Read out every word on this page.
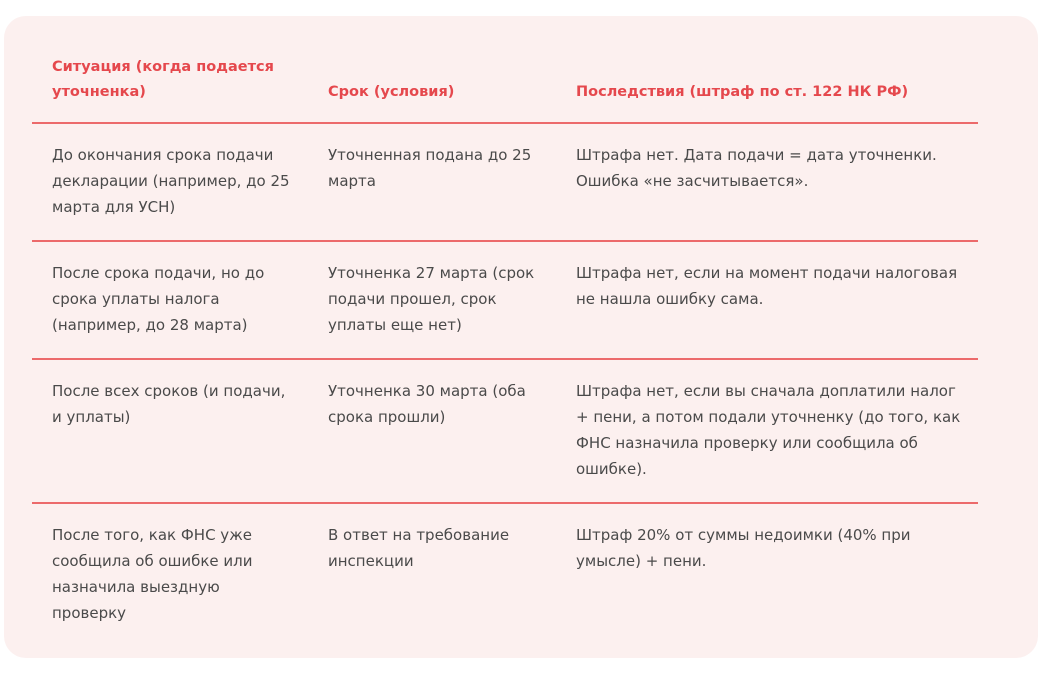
Ситуация (когда подается уточненка)	Срок (условия)	Последствия (штраф по ст. 122 НК РФ)
До окончания срока подачи декларации (например, до 25 марта для УСН)	Уточненная подана до 25 марта	Штрафа нет. Дата подачи = дата уточненки. Ошибка «не засчитывается».
После срока подачи, но до срока уплаты налога (например, до 28 марта)	Уточненка 27 марта (срок подачи прошел, срок уплаты еще нет)	Штрафа нет, если на момент подачи налоговая не нашла ошибку сама.
После всех сроков (и подачи, и уплаты)	Уточненка 30 марта (оба срока прошли)	Штрафа нет, если вы сначала доплатили налог + пени, а потом подали уточненку (до того, как ФНС назначила проверку или сообщила об ошибке).
После того, как ФНС уже сообщила об ошибке или назначила выездную проверку	В ответ на требование инспекции	Штраф 20% от суммы недоимки (40% при умысле) + пени.
